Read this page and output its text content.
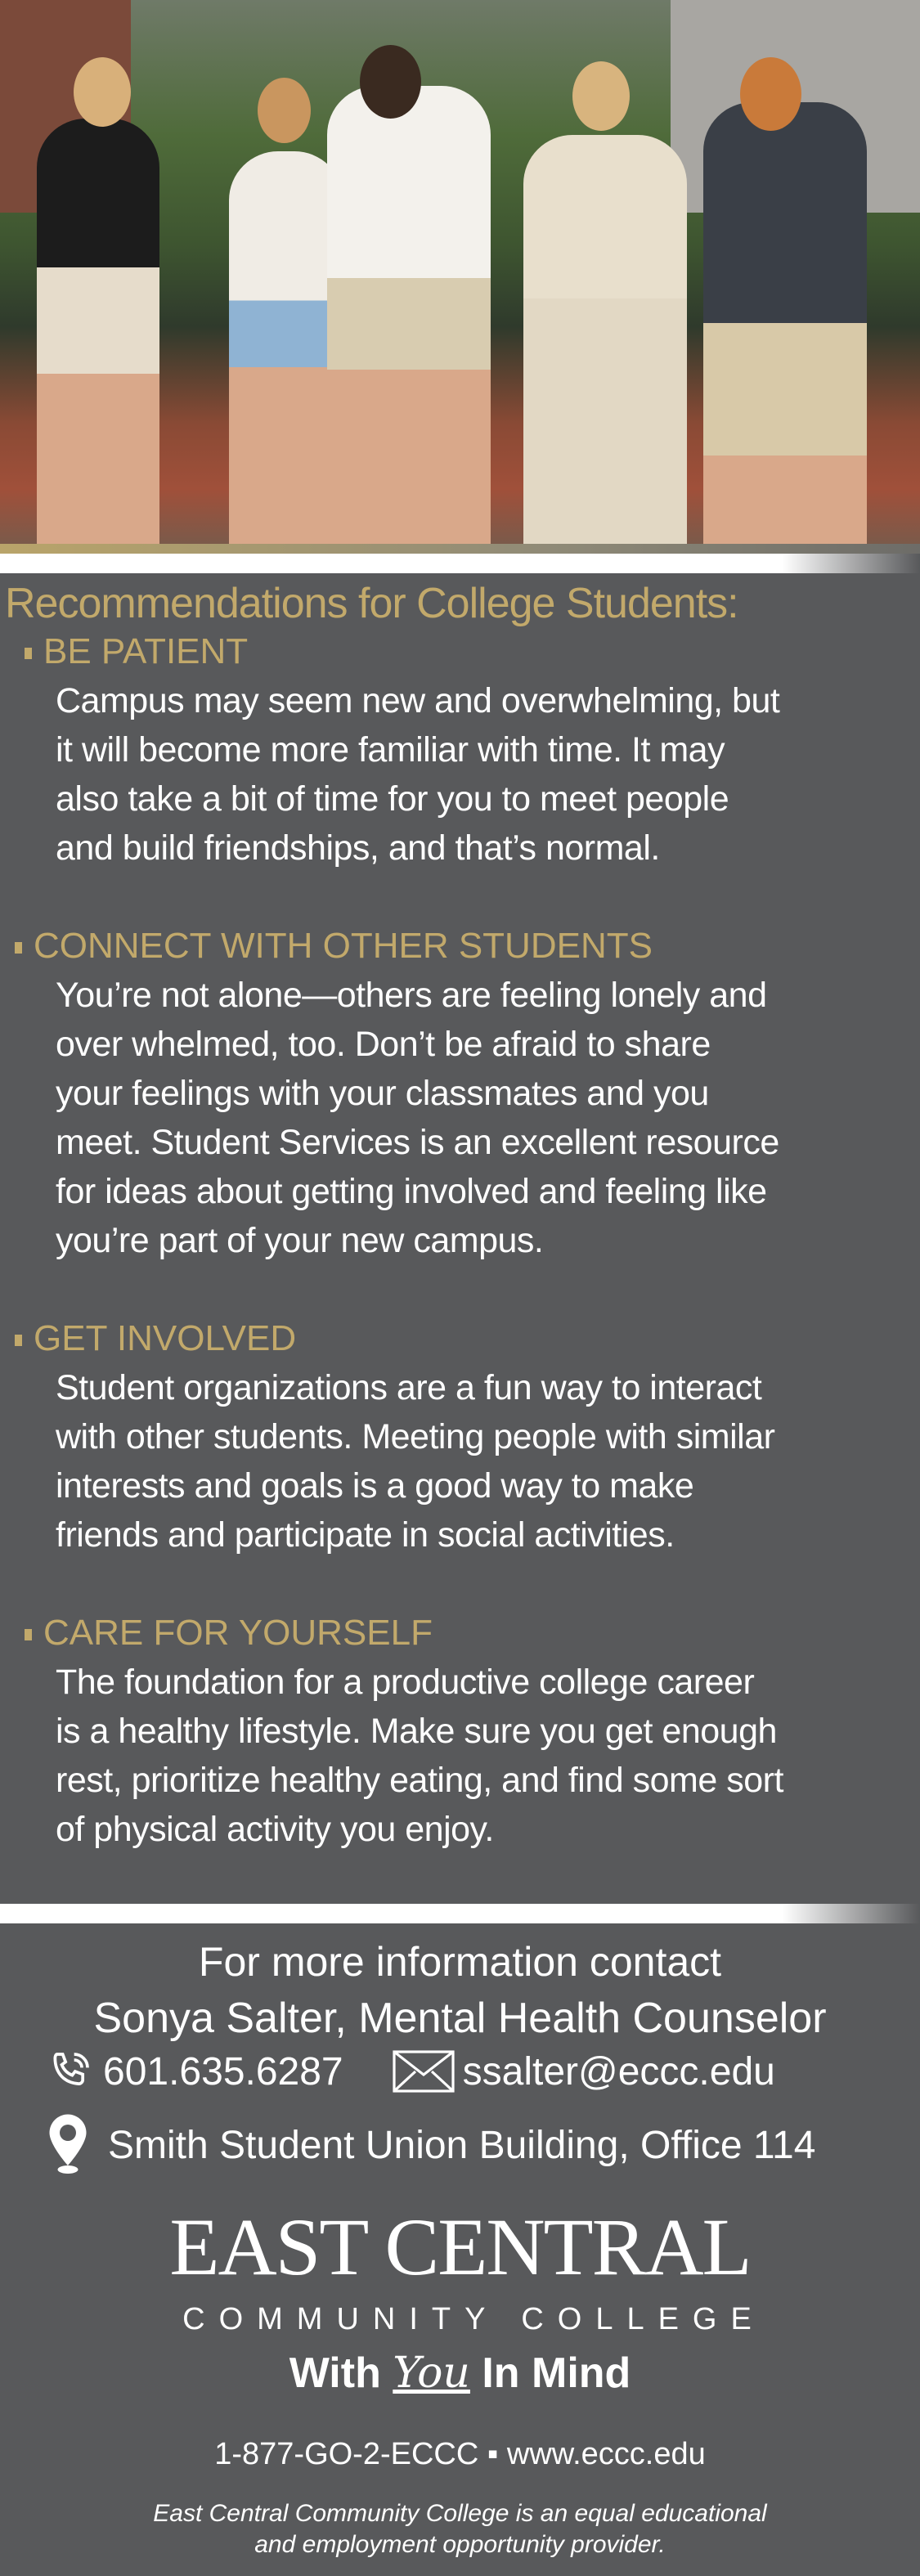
Recommendations for College Students:
BE PATIENT
Campus may seem new and overwhelming, but
it will become more familiar with time. It may
also take a bit of time for you to meet people
and build friendships, and that’s normal.
CONNECT WITH OTHER STUDENTS
You’re not alone—others are feeling lonely and
over whelmed, too. Don’t be afraid to share
your feelings with your classmates and you
meet. Student Services is an excellent resource
for ideas about getting involved and feeling like
you’re part of your new campus.
GET INVOLVED
Student organizations are a fun way to interact
with other students. Meeting people with similar
interests and goals is a good way to make
friends and participate in social activities.
CARE FOR YOURSELF
The foundation for a productive college career
is a healthy lifestyle. Make sure you get enough
rest, prioritize healthy eating, and find some sort
of physical activity you enjoy.
For more information contact
Sonya Salter, Mental Health Counselor
601.635.6287	ssalter@eccc.edu
Smith Student Union Building, Office 114
EAST CENTRAL
COMMUNITY COLLEGE
With You In Mind
1-877-GO-2-ECCC ▪ www.eccc.edu
East Central Community College is an equal educational
and employment opportunity provider.
